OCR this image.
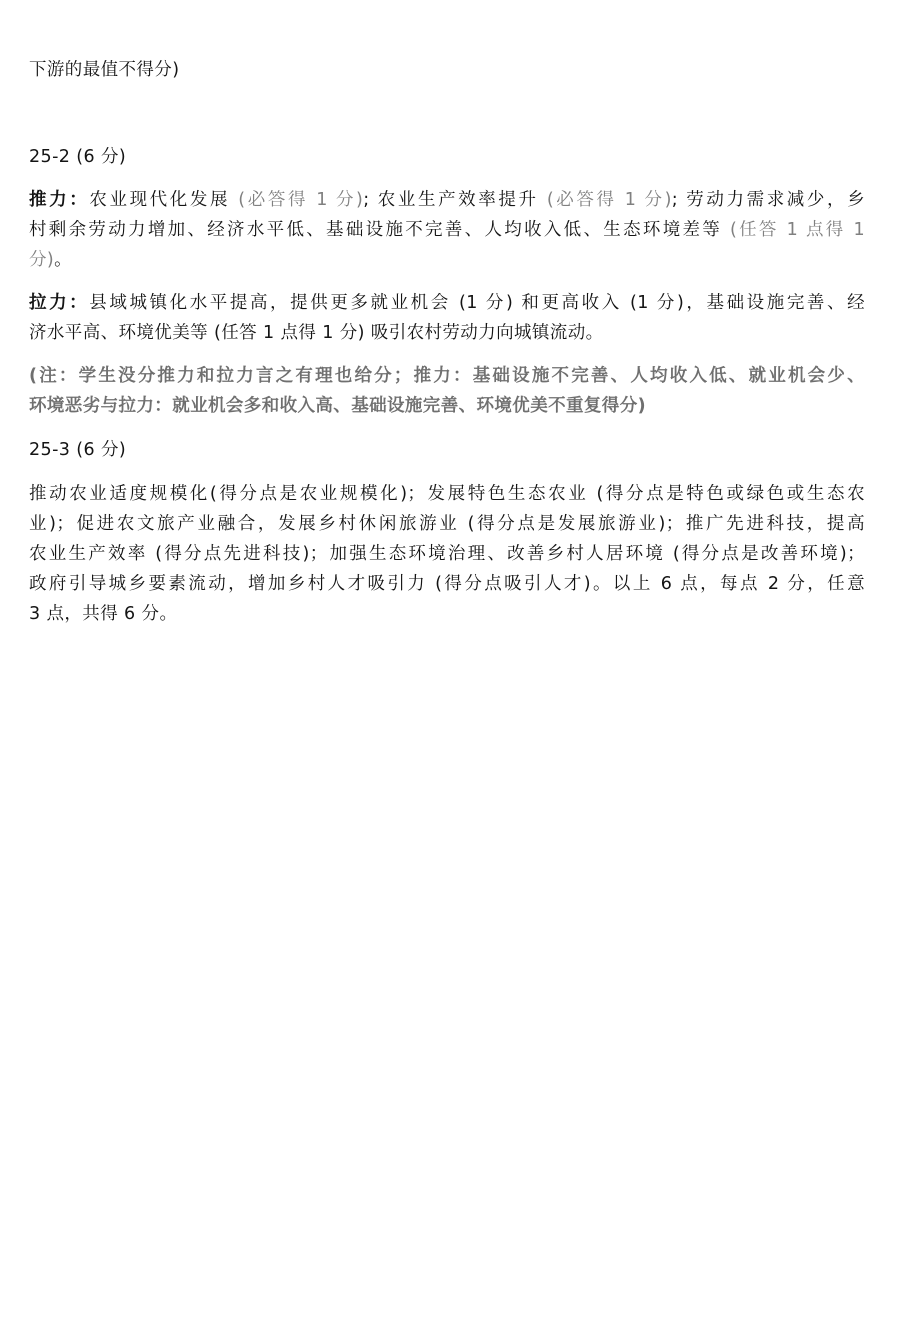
下游的最值不得分)
25-2 (6 分)
推力：农业现代化发展 (必答得 1 分); 农业生产效率提升 (必答得 1 分); 劳动力需求减少，乡
村剩余劳动力增加、经济水平低、基础设施不完善、人均收入低、生态环境差等 (任答 1 点得 1
分)。
拉力：县域城镇化水平提高，提供更多就业机会 (1 分) 和更高收入 (1 分)，基础设施完善、经
济水平高、环境优美等 (任答 1 点得 1 分) 吸引农村劳动力向城镇流动。
(注：学生没分推力和拉力言之有理也给分；推力：基础设施不完善、人均收入低、就业机会少、
环境恶劣与拉力：就业机会多和收入高、基础设施完善、环境优美不重复得分)
25-3 (6 分)
推动农业适度规模化(得分点是农业规模化)；发展特色生态农业 (得分点是特色或绿色或生态农
业)；促进农文旅产业融合，发展乡村休闲旅游业 (得分点是发展旅游业)；推广先进科技，提高
农业生产效率 (得分点先进科技)；加强生态环境治理、改善乡村人居环境 (得分点是改善环境)；
政府引导城乡要素流动，增加乡村人才吸引力 (得分点吸引人才)。以上 6 点，每点 2 分，任意
3 点，共得 6 分。
